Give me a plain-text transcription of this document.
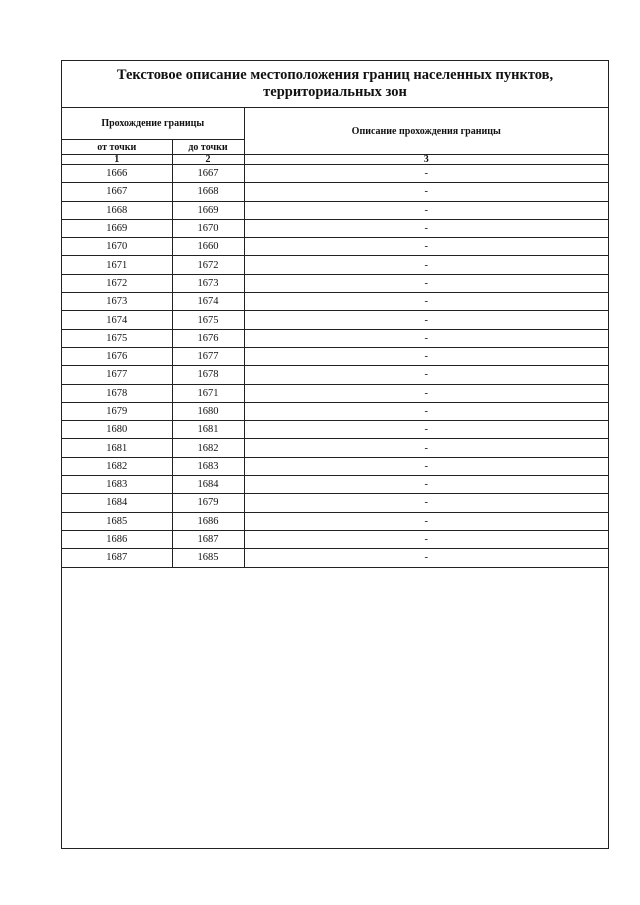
Текстовое описание местоположения границ населенных пунктов,
территориальных зон
Прохождение границы		Описание прохождения границы
от точки	до точки	
1	2	3
1666	1667	-
1667	1668	-
1668	1669	-
1669	1670	-
1670	1660	-
1671	1672	-
1672	1673	-
1673	1674	-
1674	1675	-
1675	1676	-
1676	1677	-
1677	1678	-
1678	1671	-
1679	1680	-
1680	1681	-
1681	1682	-
1682	1683	-
1683	1684	-
1684	1679	-
1685	1686	-
1686	1687	-
1687	1685	-
